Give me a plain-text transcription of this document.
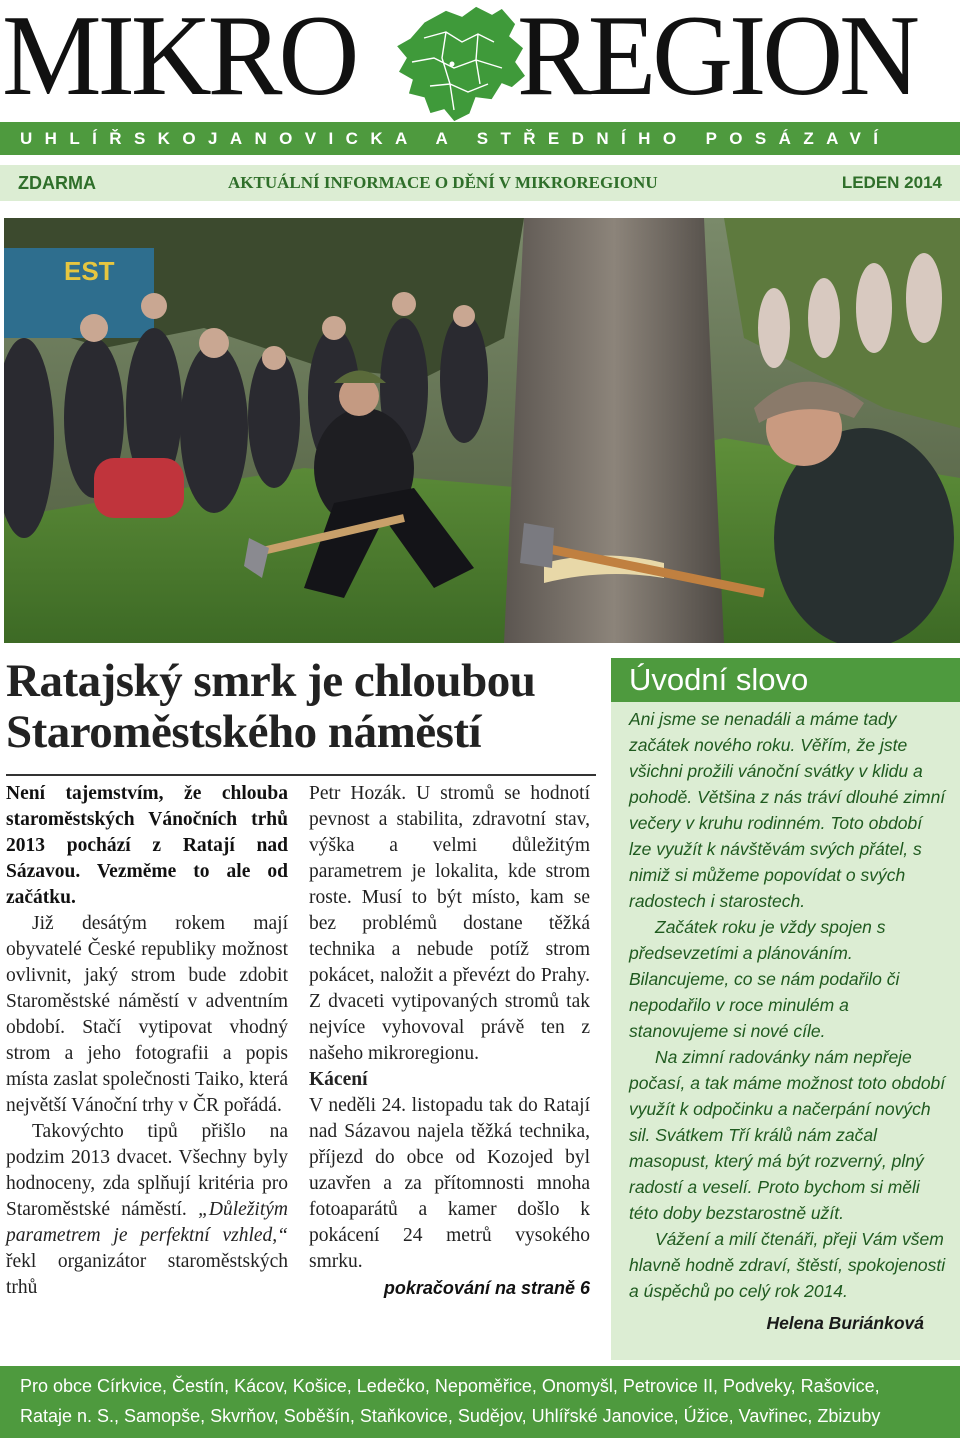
MIKRO REGION
UHLÍŘSKOJANOVICKA A STŘEDNÍHO POSÁZAVÍ
ZDARMA	AKTUÁLNÍ INFORMACE O DĚNÍ V MIKROREGIONU	LEDEN 2014
EST
Ratajský smrk je chloubou
Staroměstského náměstí

Není tajemstvím, že chlouba staroměstských Vánočních trhů 2013 pochází z Ratají nad Sázavou. Vezměme to ale od začátku.

Již desátým rokem mají obyvatelé České republiky možnost ovlivnit, jaký strom bude zdobit Staroměstské náměstí v adventním období. Stačí vytipovat vhodný strom a jeho fotografii a popis místa zaslat společnosti Taiko, která největší Vánoční trhy v ČR pořádá.

Takovýchto tipů přišlo na podzim 2013 dvacet. Všechny byly hodnoceny, zda splňují kritéria pro Staroměstské náměstí. „Důležitým parametrem je perfektní vzhled,“ řekl organizátor staroměstských trhů

Petr Hozák. U stromů se hodnotí pevnost a stabilita, zdravotní stav, výška a velmi důležitým parametrem je lokalita, kde strom roste. Musí to být místo, kam se bez problémů dostane těžká technika a nebude potíž strom pokácet, naložit a převézt do Prahy. Z dvaceti vytipovaných stromů tak nejvíce vyhovoval právě ten z našeho mikroregionu.

Kácení

V neděli 24. listopadu tak do Ratají nad Sázavou najela těžká technika, příjezd do obce od Kozojed byl uzavřen a za přítomnosti mnoha fotoaparátů a kamer došlo k pokácení 24 metrů vysokého smrku.

pokračování na straně 6

Úvodní slovo

Ani jsme se nenadáli a máme tady začátek nového roku. Věřím, že jste všichni prožili vánoční svátky v klidu a pohodě. Většina z nás tráví dlouhé zimní večery v kruhu rodinném. Toto období lze využít k návštěvám svých přátel, s nimiž si můžeme popovídat o svých radostech i starostech.

Začátek roku je vždy spojen s předsevzetími a plánováním. Bilancujeme, co se nám podařilo či nepodařilo v roce minulém a stanovujeme si nové cíle.

Na zimní radovánky nám nepřeje počasí, a tak máme možnost toto období využít k odpočinku a načerpání nových sil. Svátkem Tří králů nám začal masopust, který má být rozverný, plný radostí a veselí. Proto bychom si měli této doby bezstarostně užít.

Vážení a milí čtenáři, přeji Vám všem hlavně hodně zdraví, štěstí, spokojenosti a úspěchů po celý rok 2014.

Helena Buriánková
Pro obce Církvice, Čestín, Kácov, Košice, Ledečko, Nepoměřice, Onomyšl, Petrovice II, Podveky, Rašovice,
Rataje n. S., Samopše, Skvrňov, Soběšín, Staňkovice, Sudějov, Uhlířské Janovice, Úžice, Vavřinec, Zbizuby
